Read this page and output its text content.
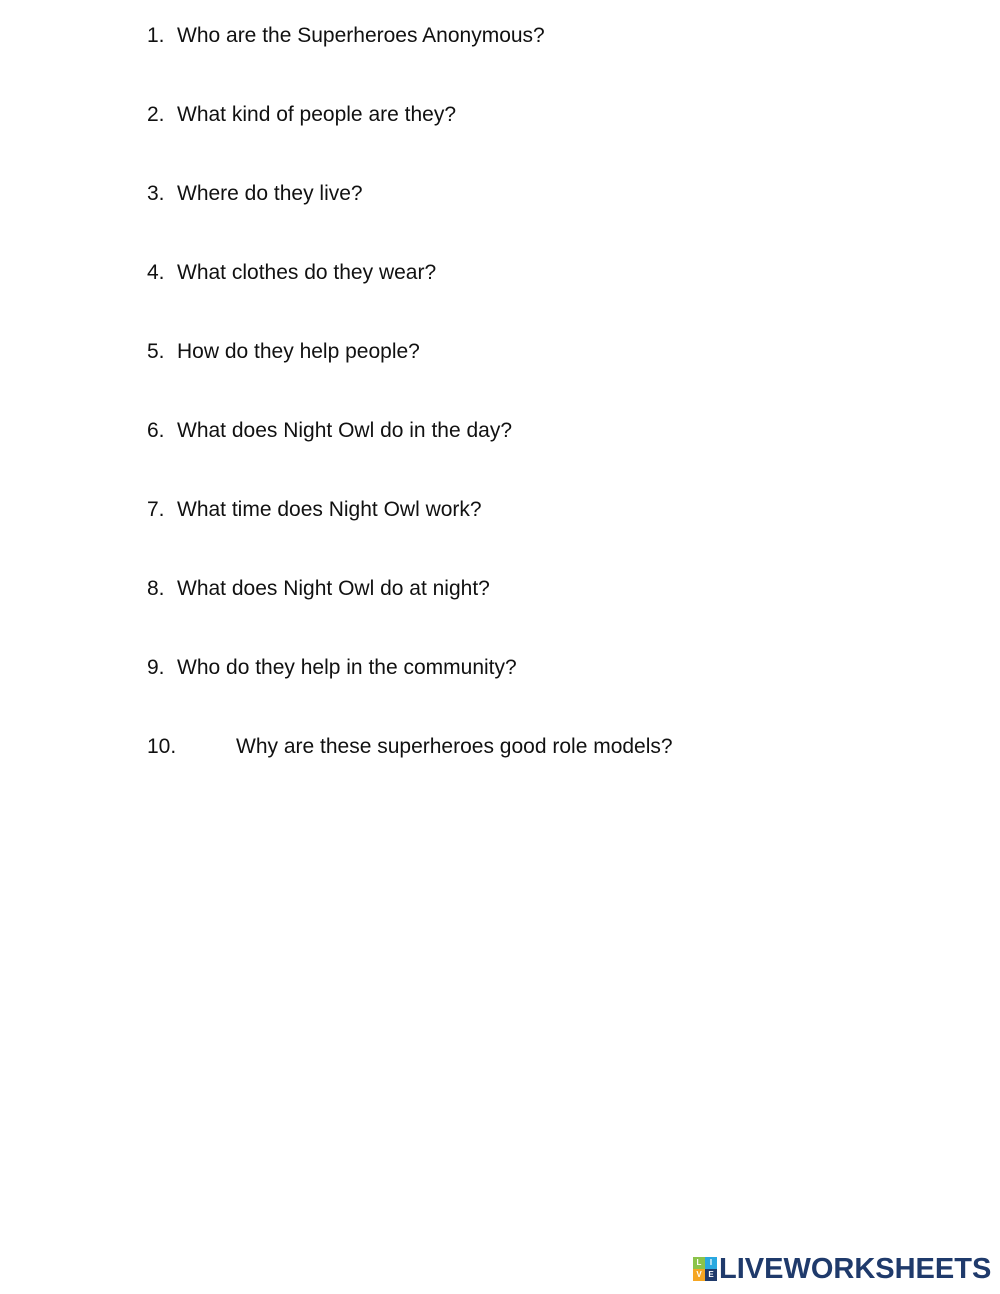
1. Who are the Superheroes Anonymous?
2. What kind of people are they?
3. Where do they live?
4. What clothes do they wear?
5. How do they help people?
6. What does Night Owl do in the day?
7. What time does Night Owl work?
8. What does Night Owl do at night?
9. Who do they help in the community?
10.	Why are these superheroes good role models?
L	I
V E LIVEWORKSHEETS
